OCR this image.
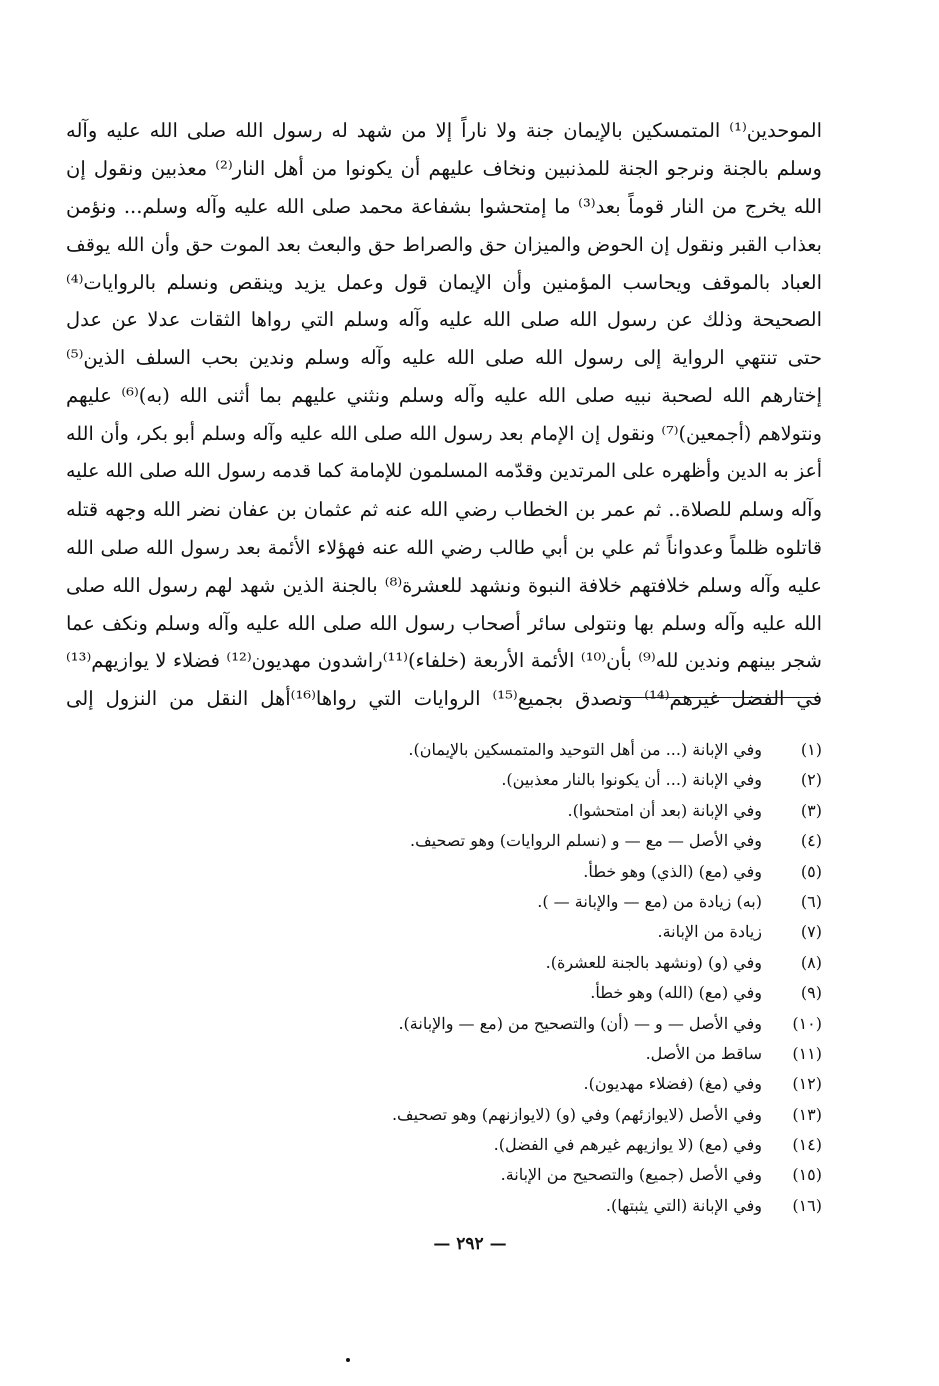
الموحدين⁽¹⁾ المتمسكين بالإيمان جنة ولا ناراً إلا من شهد له رسول الله صلى الله عليه وآله
وسلم بالجنة ونرجو الجنة للمذنبين ونخاف عليهم أن يكونوا من أهل النار⁽²⁾ معذبين ونقول إن
الله يخرج من النار قوماً بعد⁽³⁾ ما إمتحشوا بشفاعة محمد صلى الله عليه وآله وسلم... ونؤمن
بعذاب القبر ونقول إن الحوض والميزان حق والصراط حق والبعث بعد الموت حق وأن الله يوقف
العباد بالموقف ويحاسب المؤمنين وأن الإيمان قول وعمل يزيد وينقص ونسلم بالروايات⁽⁴⁾
الصحيحة وذلك عن رسول الله صلى الله عليه وآله وسلم التي رواها الثقات عدلا عن عدل
حتى تنتهي الرواية إلى رسول الله صلى الله عليه وآله وسلم وندين بحب السلف الذين⁽⁵⁾
إختارهم الله لصحبة نبيه صلى الله عليه وآله وسلم ونثني عليهم بما أثنى الله (به)⁽⁶⁾ عليهم
ونتولاهم (أجمعين)⁽⁷⁾ ونقول إن الإمام بعد رسول الله صلى الله عليه وآله وسلم أبو بكر، وأن الله
أعز به الدين وأظهره على المرتدين وقدّمه المسلمون للإمامة كما قدمه رسول الله صلى الله عليه
وآله وسلم للصلاة.. ثم عمر بن الخطاب رضي الله عنه ثم عثمان بن عفان نضر الله وجهه قتله
قاتلوه ظلماً وعدواناً ثم علي بن أبي طالب رضي الله عنه فهؤلاء الأئمة بعد رسول الله صلى الله
عليه وآله وسلم خلافتهم خلافة النبوة ونشهد للعشرة⁽⁸⁾ بالجنة الذين شهد لهم رسول الله صلى
الله عليه وآله وسلم بها ونتولى سائر أصحاب رسول الله صلى الله عليه وآله وسلم ونكف عما
شجر بينهم وندين لله⁽⁹⁾ بأن⁽¹⁰⁾ الأئمة الأربعة (خلفاء)⁽¹¹⁾راشدون مهديون⁽¹²⁾ فضلاء لا يوازيهم⁽¹³⁾
في الفضل غيرهم⁽¹⁴⁾ ونصدق بجميع⁽¹⁵⁾ الروايات التي رواها⁽¹⁶⁾أهل النقل من النزول إلى
(١)
وفي الإبانة (... من أهل التوحيد والمتمسكين بالإيمان).
(٢)
وفي الإبانة (... أن يكونوا بالنار معذبين).
(٣)
وفي الإبانة (بعد أن امتحشوا).
(٤)
وفي الأصل — مع — و (نسلم الروايات) وهو تصحيف.
(٥)
وفي (مع) (الذي) وهو خطأ.
(٦)
(به) زيادة من (مع — والإبانة — ).
(٧)
زيادة من الإبانة.
(٨)
وفي (و) (ونشهد بالجنة للعشرة).
(٩)
وفي (مع) (الله) وهو خطأ.
(١٠)
وفي الأصل — و — (أن) والتصحيح من (مع — والإبانة).
(١١)
ساقط من الأصل.
(١٢)
وفي (مغ) (فضلاء مهديون).
(١٣)
وفي الأصل (لايوازئهم) وفي (و) (لايوازنهم) وهو تصحيف.
(١٤)
وفي (مع) (لا يوازيهم غيرهم في الفضل).
(١٥)
وفي الأصل (جميع) والتصحيح من الإبانة.
(١٦)
وفي الإبانة (التي يثبتها).
— ٢٩٢ —
